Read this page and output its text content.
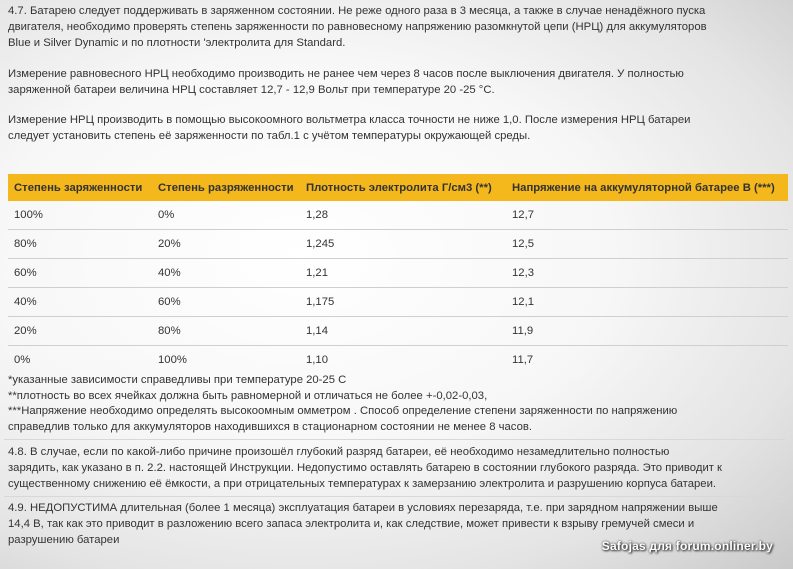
4.7. Батарею следует поддерживать в заряженном состоянии. Не реже одного раза в 3 месяца, а также в случае ненадёжного пуска
двигателя, необходимо проверять степень заряженности по равновесному напряжению разомкнутой цепи (НРЦ) для аккумуляторов
Blue и Silver Dynamic и по плотности 'электролита для Standard.
Измерение равновесного НРЦ необходимо производить не ранее чем через 8 часов после выключения двигателя. У полностью
заряженной батареи величина НРЦ составляет 12,7 - 12,9 Вольт при температуре 20 -25 °С.
Измерение НРЦ производить в помощью высокоомного вольтметра класса точности не ниже 1,0. После измерения НРЦ батареи
следует установить степень её заряженности по табл.1 с учётом температуры окружающей среды.
Степень заряженности	Степень разряженности	Плотность электролита Г/см3 (**)	Напряжение на аккумуляторной батарее В (***)
100%	0%	1,28	12,7
80%	20%	1,245	12,5
60%	40%	1,21	12,3
40%	60%	1,175	12,1
20%	80%	1,14	11,9
0%	100%	1,10	11,7
*указанные зависимости справедливы при температуре 20-25 С
**плотность во всех ячейках должна быть равномерной и отличаться не более +-0,02-0,03,
***Напряжение необходимо определять высокоомным омметром . Способ определение степени заряженности по напряжению
справедлив только для аккумуляторов находившихся в стационарном состоянии не менее 8 часов.
4.8. В случае, если по какой-либо причине произошёл глубокий разряд батареи, её необходимо незамедлительно полностью
зарядить, как указано в п. 2.2. настоящей Инструкции. Недопустимо оставлять батарею в состоянии глубокого разряда. Это приводит к
существенному снижению её ёмкости, а при отрицательных температурах к замерзанию электролита и разрушению корпуса батареи.
4.9. НЕДОПУСТИМА длительная (более 1 месяца) эксплуатация батареи в условиях перезаряда, т.е. при зарядном напряжении выше
14,4 В, так как это приводит в разложению всего запаса электролита и, как следствие, может привести к взрыву гремучей смеси и
разрушению батареи	Safojas для forum.onliner.by
